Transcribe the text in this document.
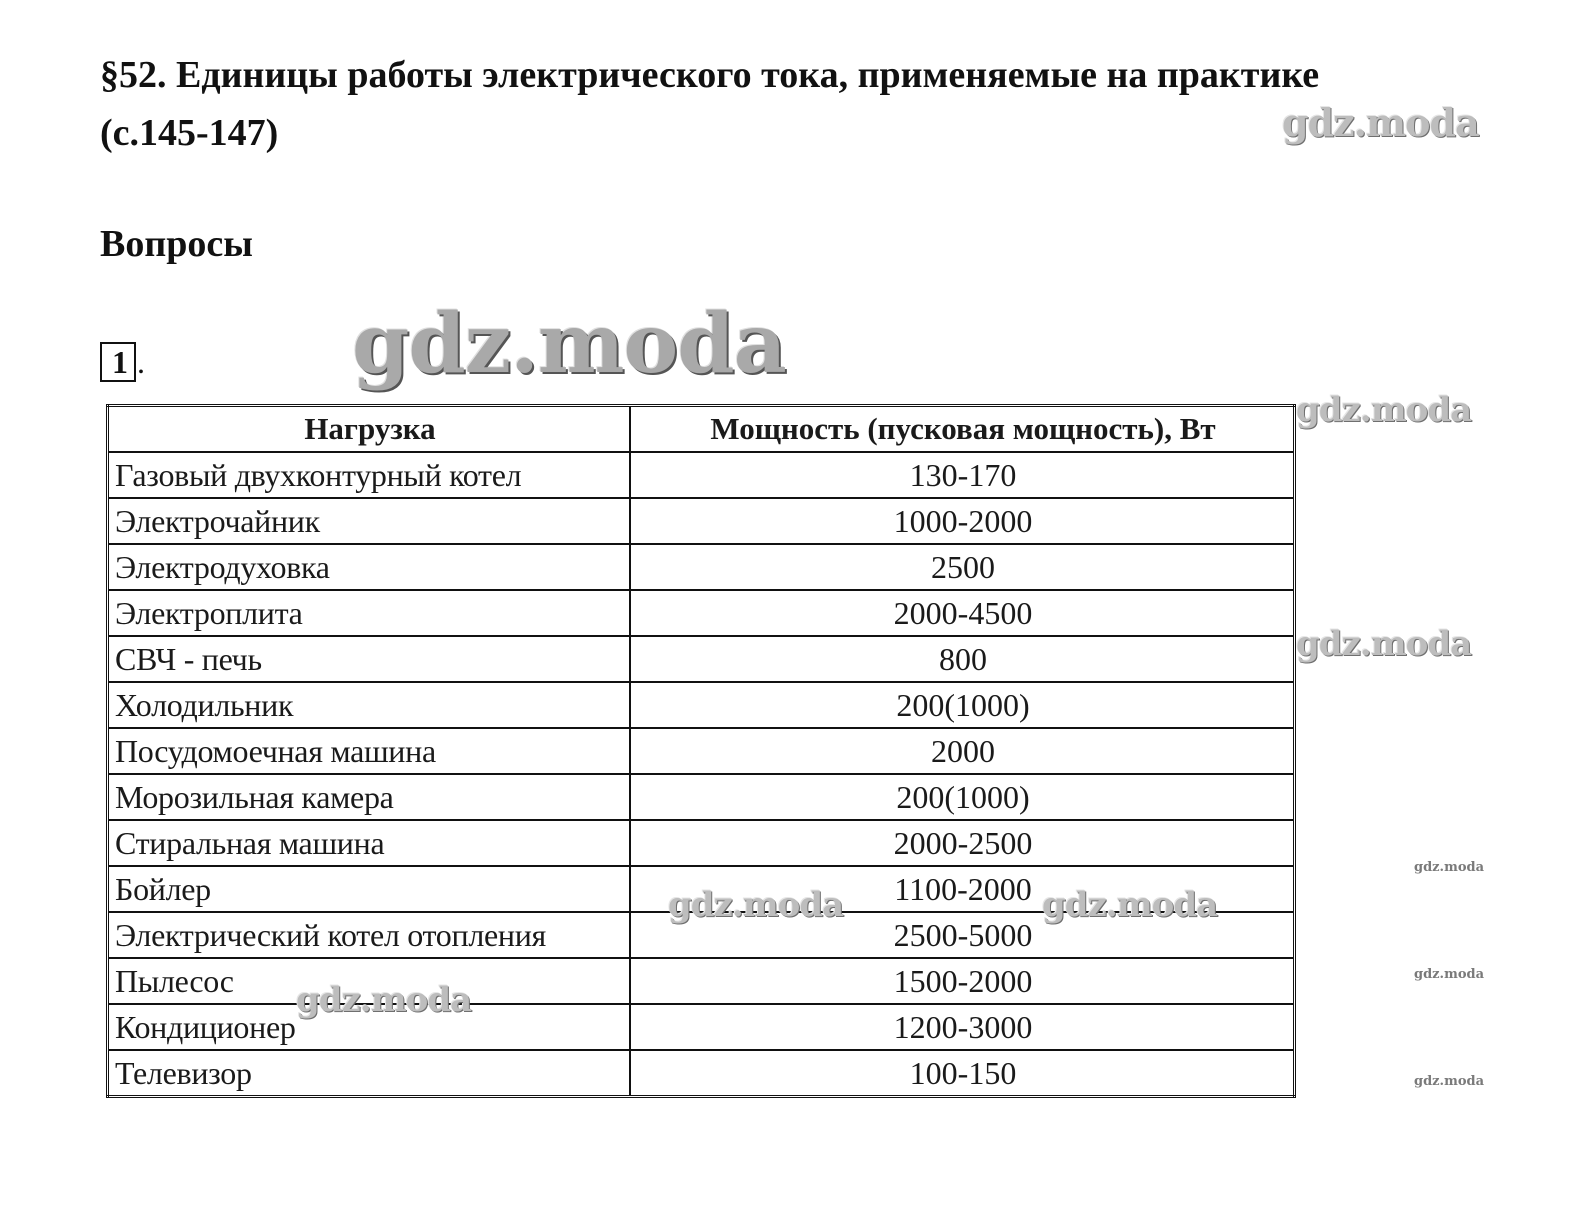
§52. Единицы работы электрического тока, применяемые на практике
(с.145-147)
Вопросы
1 .
Нагрузка	Мощность (пусковая мощность), Вт
Газовый двухконтурный котел	130-170
Электрочайник	1000-2000
Электродуховка	2500
Электроплита	2000-4500
СВЧ - печь	800
Холодильник	200(1000)
Посудомоечная машина	2000
Морозильная камера	200(1000)
Стиральная машина	2000-2500
Бойлер	1100-2000
Электрический котел отопления	2500-5000
Пылесос	1500-2000
Кондиционер	1200-3000
Телевизор	100-150
gdz.moda
gdz.moda
gdz.moda
gdz.moda
gdz.moda	gdz.moda
gdz.moda
gdz.moda
gdz.moda
gdz.moda
